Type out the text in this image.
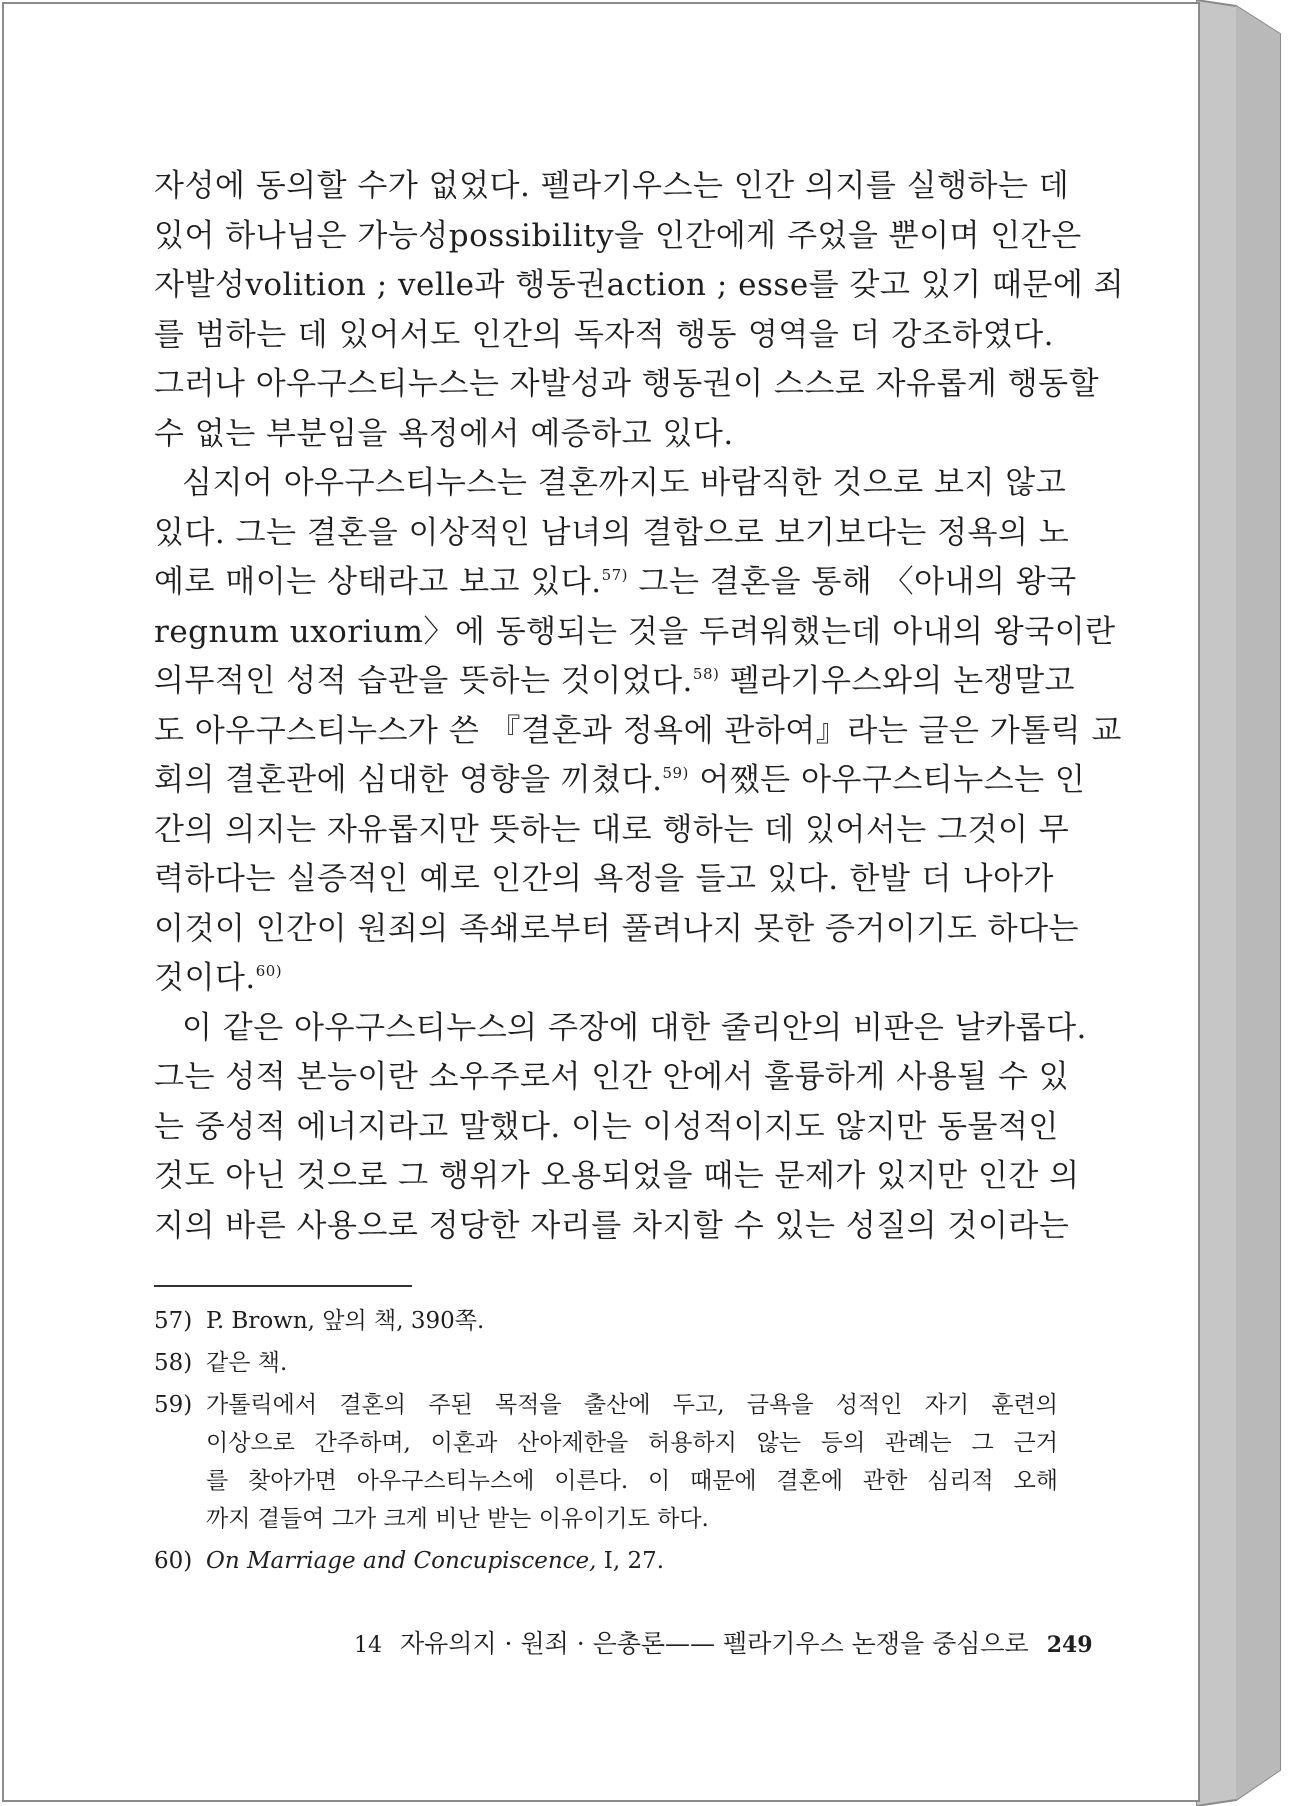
자성에 동의할 수가 없었다. 펠라기우스는 인간 의지를 실행하는 데
있어 하나님은 가능성possibility을 인간에게 주었을 뿐이며 인간은
자발성volition ; velle과 행동권action ; esse를 갖고 있기 때문에 죄
를 범하는 데 있어서도 인간의 독자적 행동 영역을 더 강조하였다.
그러나 아우구스티누스는 자발성과 행동권이 스스로 자유롭게 행동할
수 없는 부분임을 욕정에서 예증하고 있다.
심지어 아우구스티누스는 결혼까지도 바람직한 것으로 보지 않고
있다. 그는 결혼을 이상적인 남녀의 결합으로 보기보다는 정욕의 노
예로 매이는 상태라고 보고 있다.$^{57)}$ 그는 결혼을 통해 〈아내의 왕국
regnum uxorium〉에 동행되는 것을 두려워했는데 아내의 왕국이란
의무적인 성적 습관을 뜻하는 것이었다.$^{58)}$ 펠라기우스와의 논쟁말고
도 아우구스티누스가 쓴 『결혼과 정욕에 관하여』라는 글은 가톨릭 교
회의 결혼관에 심대한 영향을 끼쳤다.$^{59)}$ 어쨌든 아우구스티누스는 인
간의 의지는 자유롭지만 뜻하는 대로 행하는 데 있어서는 그것이 무
력하다는 실증적인 예로 인간의 욕정을 들고 있다. 한발 더 나아가
이것이 인간이 원죄의 족쇄로부터 풀려나지 못한 증거이기도 하다는
것이다.$^{60)}$
이 같은 아우구스티누스의 주장에 대한 줄리안의 비판은 날카롭다.
그는 성적 본능이란 소우주로서 인간 안에서 훌륭하게 사용될 수 있
는 중성적 에너지라고 말했다. 이는 이성적이지도 않지만 동물적인
것도 아닌 것으로 그 행위가 오용되었을 때는 문제가 있지만 인간 의
지의 바른 사용으로 정당한 자리를 차지할 수 있는 성질의 것이라는
57) P. Brown, 앞의 책, 390쪽.
58) 같은 책.
59) 가톨릭에서 결혼의 주된 목적을 출산에 두고, 금욕을 성적인 자기 훈련의
이상으로 간주하며, 이혼과 산아제한을 허용하지 않는 등의 관례는 그 근거
를 찾아가면 아우구스티누스에 이른다. 이 때문에 결혼에 관한 심리적 오해
까지 곁들여 그가 크게 비난 받는 이유이기도 하다.
60) On Marriage and Concupiscence, Ⅰ, 27.
14 자유의지 · 원죄 · 은총론—— 펠라기우스 논쟁을 중심으로 249
